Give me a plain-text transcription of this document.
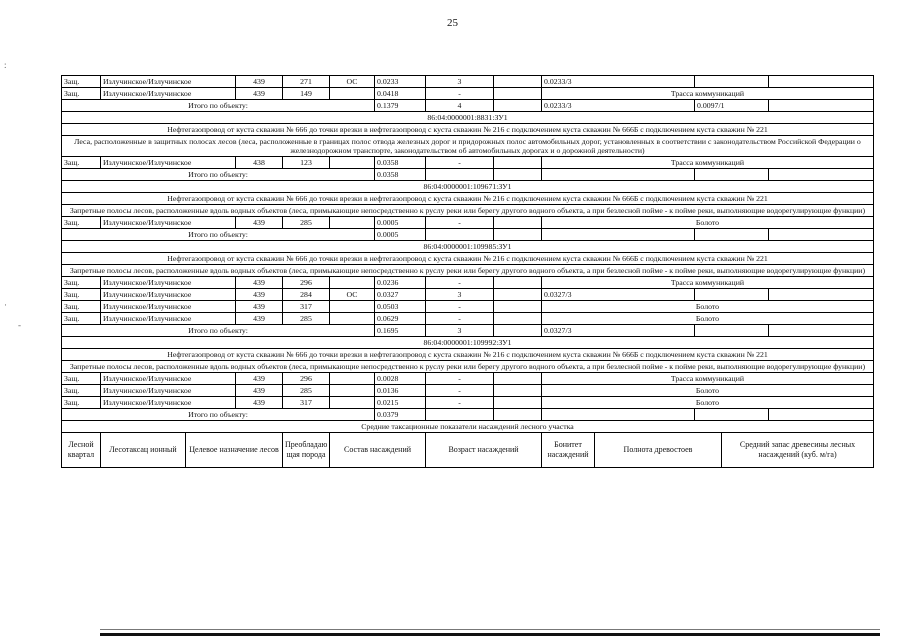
25
:
·
-
Защ.	Излучинское/Излучинское		439	271	ОС	0.0233	3		0.0233/3				
Защ.	Излучинское/Излучинское		439	149		0.0418	-		Трасса коммуникаций				
Итого по объекту:						0.1379	4		0.0233/3		0.0097/1		
86:04:0000001:8831:ЗУ1													
Нефтегазопровод от куста скважин № 666 до точки врезки в нефтегазопровод с куста скважин № 216 с подключением куста скважин № 666Б с подключением куста скважин № 221													
Леса, расположенные в защитных полосах лесов (леса, расположенные в границах полос отвода железных дорог и придорожных полос автомобильных дорог, установленных в соответствии с законодательством Российской Федерации о железнодорожном транспорте, законодательством об автомобильных дорогах и о дорожной деятельности)													
Защ.	Излучинское/Излучинское		438	123		0.0358	-		Трасса коммуникаций				
Итого по объекту:						0.0358							
86:04:0000001:109671:ЗУ1													
Нефтегазопровод от куста скважин № 666 до точки врезки в нефтегазопровод с куста скважин № 216 с подключением куста скважин № 666Б с подключением куста скважин № 221													
Запретные полосы лесов, расположенные вдоль водных объектов (леса, примыкающие непосредственно к руслу реки или берегу другого водного объекта, а при безлесной пойме - к пойме реки, выполняющие водорегулирующие функции)													
Защ.	Излучинское/Излучинское		439	285		0.0005	-		Болото				
Итого по объекту:						0.0005							
86:04:0000001:109985:ЗУ1													
Нефтегазопровод от куста скважин № 666 до точки врезки в нефтегазопровод с куста скважин № 216 с подключением куста скважин № 666Б с подключением куста скважин № 221													
Запретные полосы лесов, расположенные вдоль водных объектов (леса, примыкающие непосредственно к руслу реки или берегу другого водного объекта, а при безлесной пойме - к пойме реки, выполняющие водорегулирующие функции)													
Защ.	Излучинское/Излучинское		439	296		0.0236	-		Трасса коммуникаций				
Защ.	Излучинское/Излучинское		439	284	ОС	0.0327	3		0.0327/3				
Защ.	Излучинское/Излучинское		439	317		0.0503	-		Болото				
Защ.	Излучинское/Излучинское		439	285		0.0629	-		Болото				
Итого по объекту:						0.1695	3		0.0327/3				
86:04:0000001:109992:ЗУ1													
Нефтегазопровод от куста скважин № 666 до точки врезки в нефтегазопровод с куста скважин № 216 с подключением куста скважин № 666Б с подключением куста скважин № 221													
Запретные полосы лесов, расположенные вдоль водных объектов (леса, примыкающие непосредственно к руслу реки или берегу другого водного объекта, а при безлесной пойме - к пойме реки, выполняющие водорегулирующие функции)													
Защ.	Излучинское/Излучинское		439	296		0.0028	-		Трасса коммуникаций				
Защ.	Излучинское/Излучинское		439	285		0.0136	-		Болото				
Защ.	Излучинское/Излучинское		439	317		0.0215	-		Болото				
Итого по объекту:						0.0379							
Средние таксационные показатели насаждений лесного участка													
Лесной квартал	Лесотаксац ионный	Целевое назначение лесов		Преобладаю щая порода	Состав насаждений		Возраст насаждений		Бонитет насаждений	Полнота древостоев		Средний запас древесины лесных насаждений (куб. м/га)	
